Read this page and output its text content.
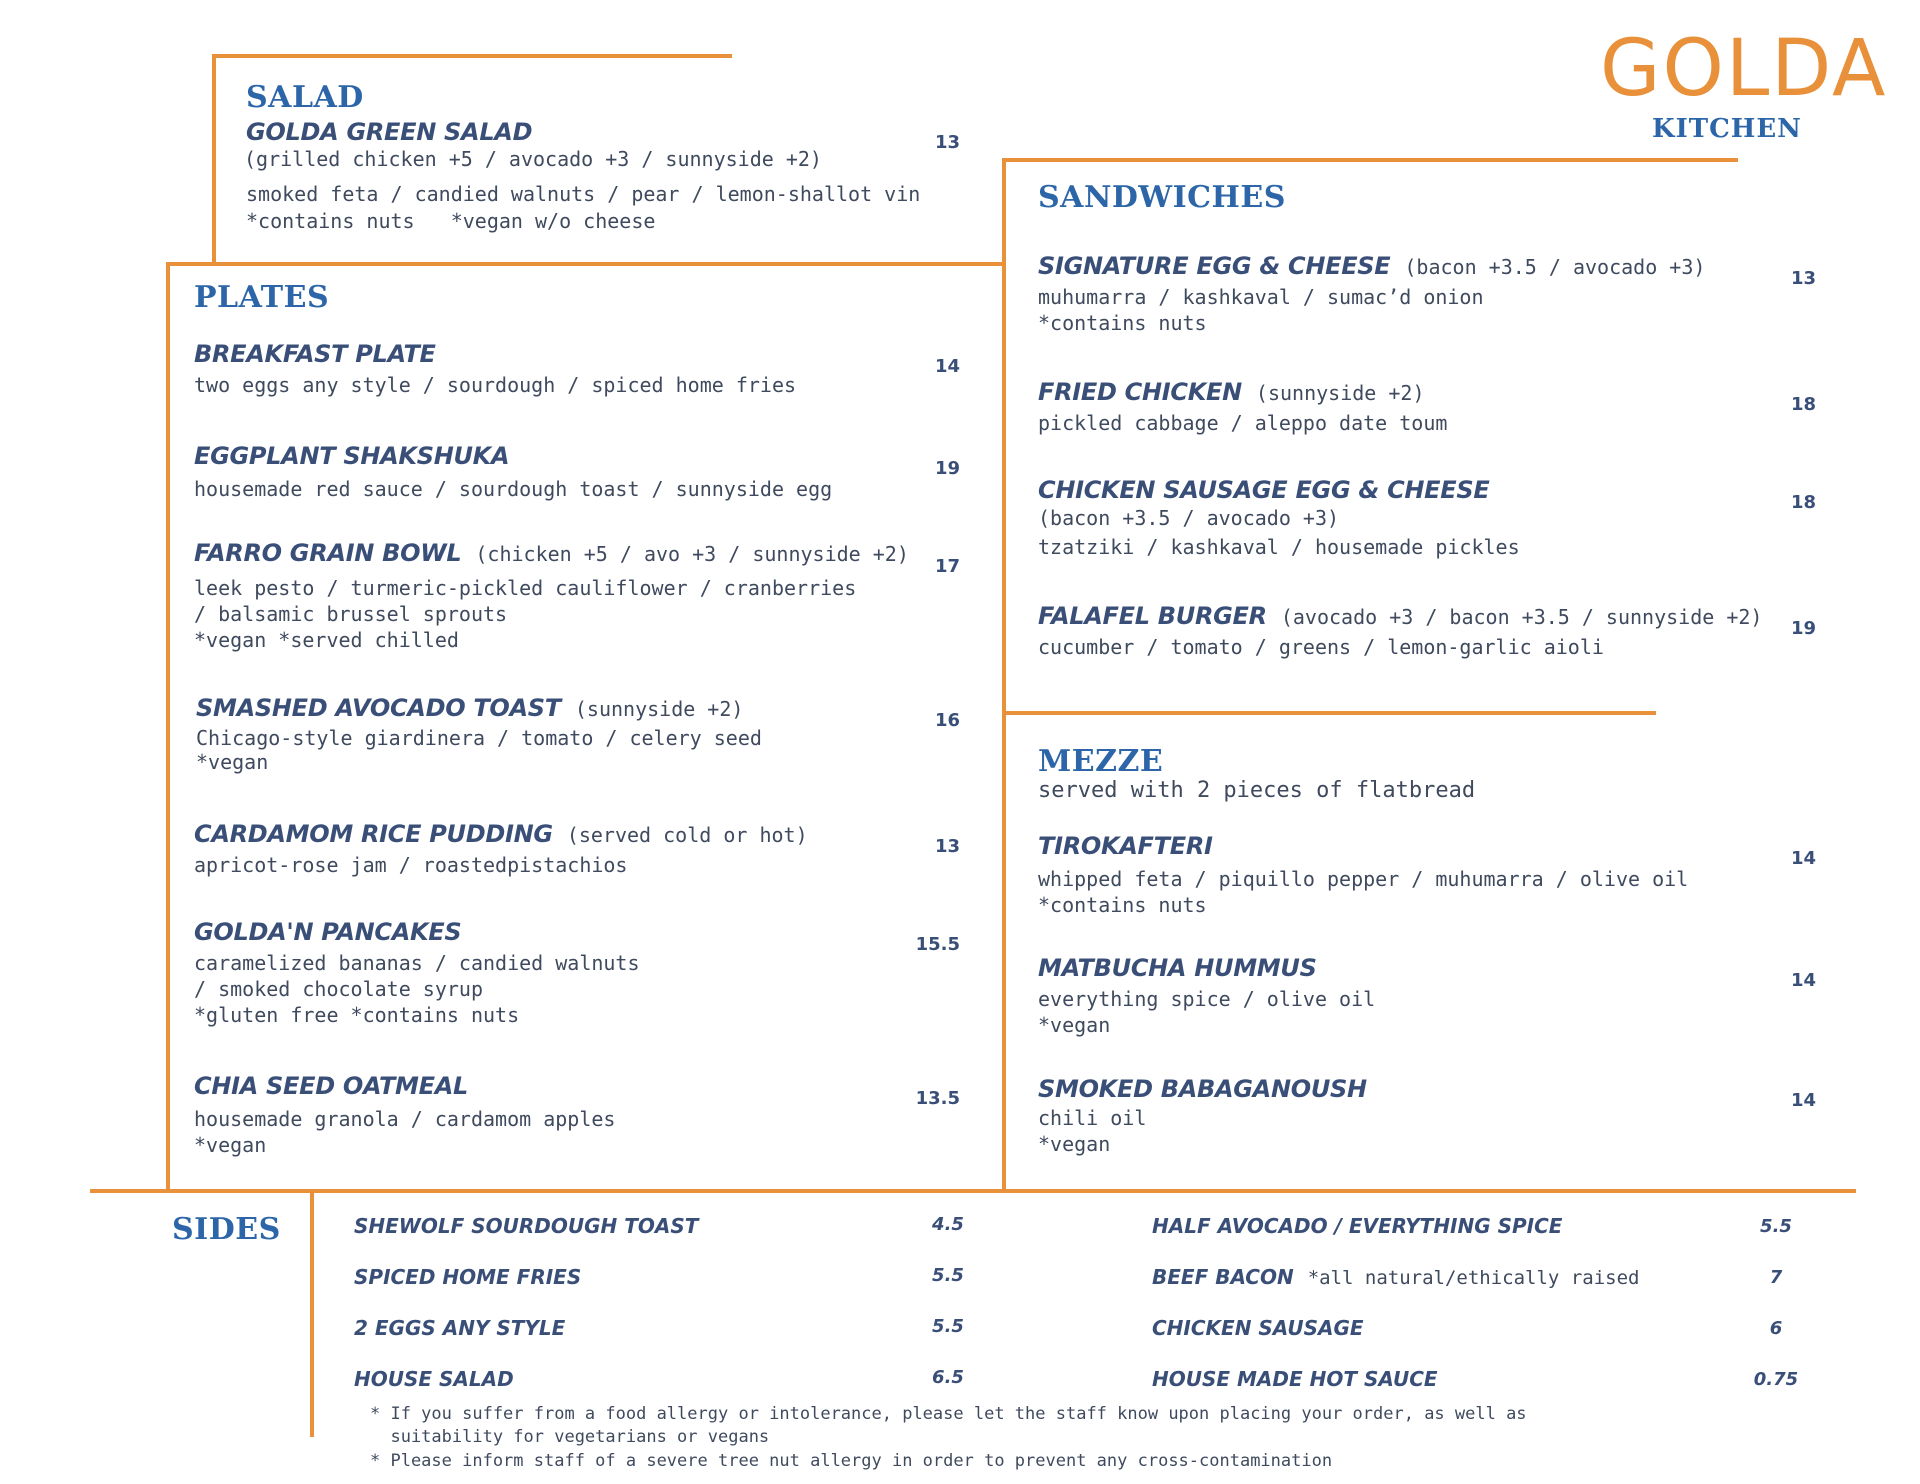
GOLDA
KITCHEN
SALAD
GOLDA GREEN SALAD
(grilled chicken +5 / avocado +3 / sunnyside +2)
smoked feta / candied walnuts / pear / lemon-shallot vin
*contains nuts   *vegan w/o cheese
13
PLATES
BREAKFAST PLATE
two eggs any style / sourdough / spiced home fries
14
EGGPLANT SHAKSHUKA
housemade red sauce / sourdough toast / sunnyside egg
19
FARRO GRAIN BOWL (chicken +5 / avo +3 / sunnyside +2)
leek pesto / turmeric-pickled cauliflower / cranberries
/ balsamic brussel sprouts
*vegan *served chilled
17
SMASHED AVOCADO TOAST (sunnyside +2)
Chicago-style giardinera / tomato / celery seed
*vegan
16
CARDAMOM RICE PUDDING (served cold or hot)
apricot-rose jam / roastedpistachios
13
GOLDA'N PANCAKES
caramelized bananas / candied walnuts
/ smoked chocolate syrup
*gluten free *contains nuts
15.5
CHIA SEED OATMEAL
housemade granola / cardamom apples
*vegan
13.5
SANDWICHES
SIGNATURE EGG & CHEESE (bacon +3.5 / avocado +3)
muhumarra / kashkaval / sumac’d onion
*contains nuts
13
FRIED CHICKEN (sunnyside +2)
pickled cabbage / aleppo date toum
18
CHICKEN SAUSAGE EGG & CHEESE
(bacon +3.5 / avocado +3)
tzatziki / kashkaval / housemade pickles
18
FALAFEL BURGER (avocado +3 / bacon +3.5 / sunnyside +2)
cucumber / tomato / greens / lemon-garlic aioli
19
MEZZE
served with 2 pieces of flatbread
TIROKAFTERI
whipped feta / piquillo pepper / muhumarra / olive oil
*contains nuts
14
MATBUCHA HUMMUS
everything spice / olive oil
*vegan
14
SMOKED BABAGANOUSH
chili oil
*vegan
14
SIDES	SHEWOLF SOURDOUGH TOAST	4.5
SPICED HOME FRIES	5.5
2 EGGS ANY STYLE	5.5
HOUSE SALAD	6.5
HALF AVOCADO / EVERYTHING SPICE	5.5
BEEF BACON *all natural/ethically raised	7
CHICKEN SAUSAGE	6
HOUSE MADE HOT SAUCE	0.75
* If you suffer from a food allergy or intolerance, please let the staff know upon placing your order, as well as
suitability for vegetarians or vegans
* Please inform staff of a severe tree nut allergy in order to prevent any cross-contamination
